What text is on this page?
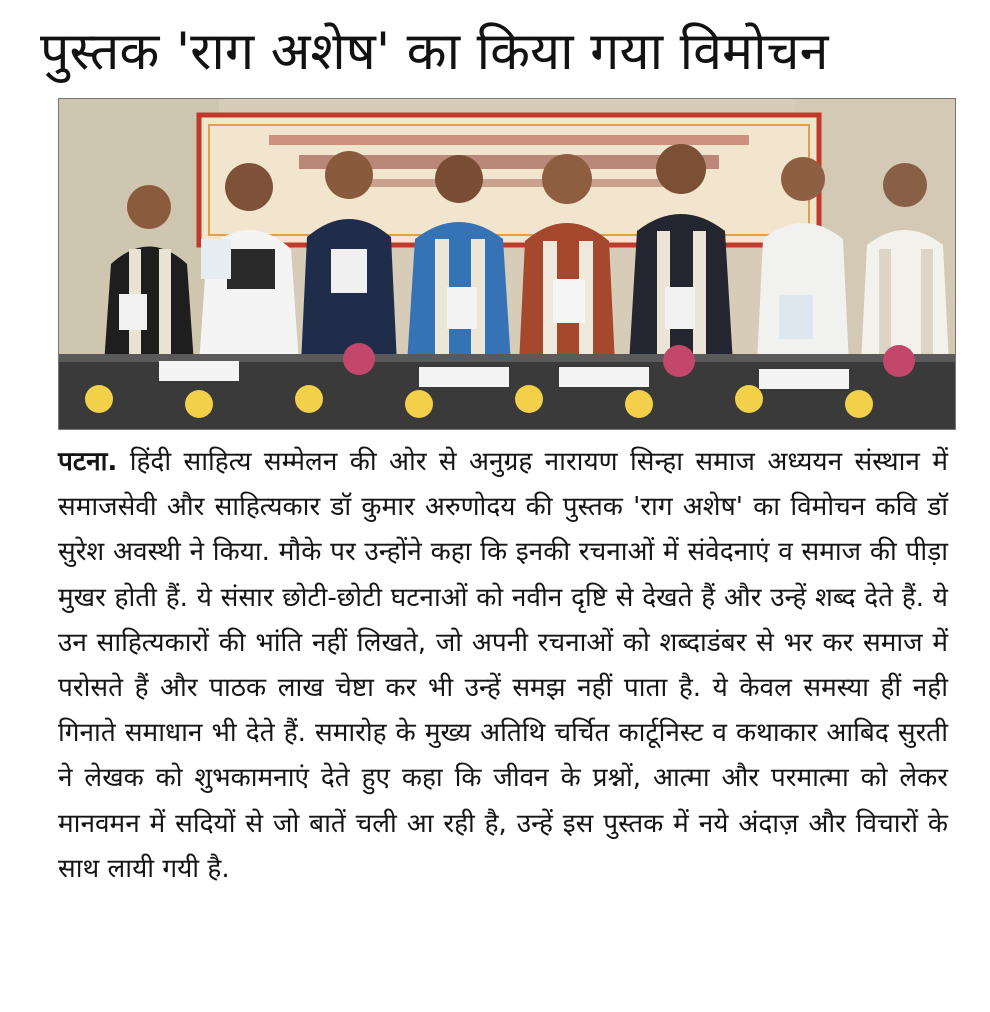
पुस्तक 'राग अशेष' का किया गया विमोचन
पटना. हिंदी साहित्य सम्मेलन की ओर से अनुग्रह नारायण सिन्हा समाज अध्ययन संस्थान में समाजसेवी और साहित्यकार डॉ कुमार अरुणोदय की पुस्तक 'राग अशेष' का विमोचन कवि डॉ सुरेश अवस्थी ने किया. मौके पर उन्होंने कहा कि इनकी रचनाओं में संवेदनाएं व समाज की पीड़ा मुखर होती हैं. ये संसार छोटी-छोटी घटनाओं को नवीन दृष्टि से देखते हैं और उन्हें शब्द देते हैं. ये उन साहित्यकारों की भांति नहीं लिखते, जो अपनी रचनाओं को शब्दाडंबर से भर कर समाज में परोसते हैं और पाठक लाख चेष्टा कर भी उन्हें समझ नहीं पाता है. ये केवल समस्या हीं नही गिनाते समाधान भी देते हैं. समारोह के मुख्य अतिथि चर्चित कार्टूनिस्ट व कथाकार आबिद सुरती ने लेखक को शुभकामनाएं देते हुए कहा कि जीवन के प्रश्नों, आत्मा और परमात्मा को लेकर मानवमन में सदियों से जो बातें चली आ रही है, उन्हें इस पुस्तक में नये अंदाज़ और विचारों के साथ लायी गयी है.
